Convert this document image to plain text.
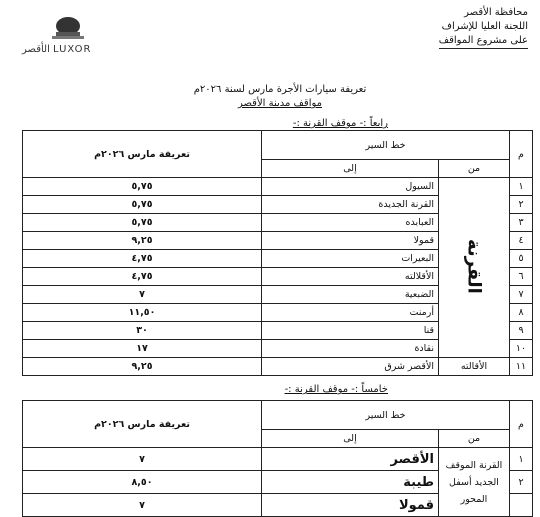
الأقصر LUXOR
محافظة الأقصر
اللجنة العليا للإشراف
على مشروع المواقف
تعريفة سيارات الأجرة مارس لسنة ٢٠٢٦م
مواقف مدينة الأقصر
رابعاً :- موقف القرنة :-
م	خط السير		تعريفة مارس ٢٠٢٦م
	من	إلى	
١	القرنة	السيول	٥,٧٥
٢		القرنة الجديدة	٥,٧٥
٣		العبابده	٥,٧٥
٤		قمولا	٩,٢٥
٥		البعيرات	٤,٧٥
٦		الأقلالته	٤,٧٥
٧		الضبعية	٧
٨		أرمنت	١١,٥٠
٩		قنا	٣٠
١٠		نقادة	١٧
١١	الأقالته	الأقصر شرق	٩,٢٥
خامساً :- موقف القرنة :-
م	خط السير		تعريفة مارس ٢٠٢٦م
	من	إلى	
١	القرنة الموقف الجديد أسفل المحور	الأقصر	٧
٢		طيبة	٨,٥٠
		قمولا	٧
